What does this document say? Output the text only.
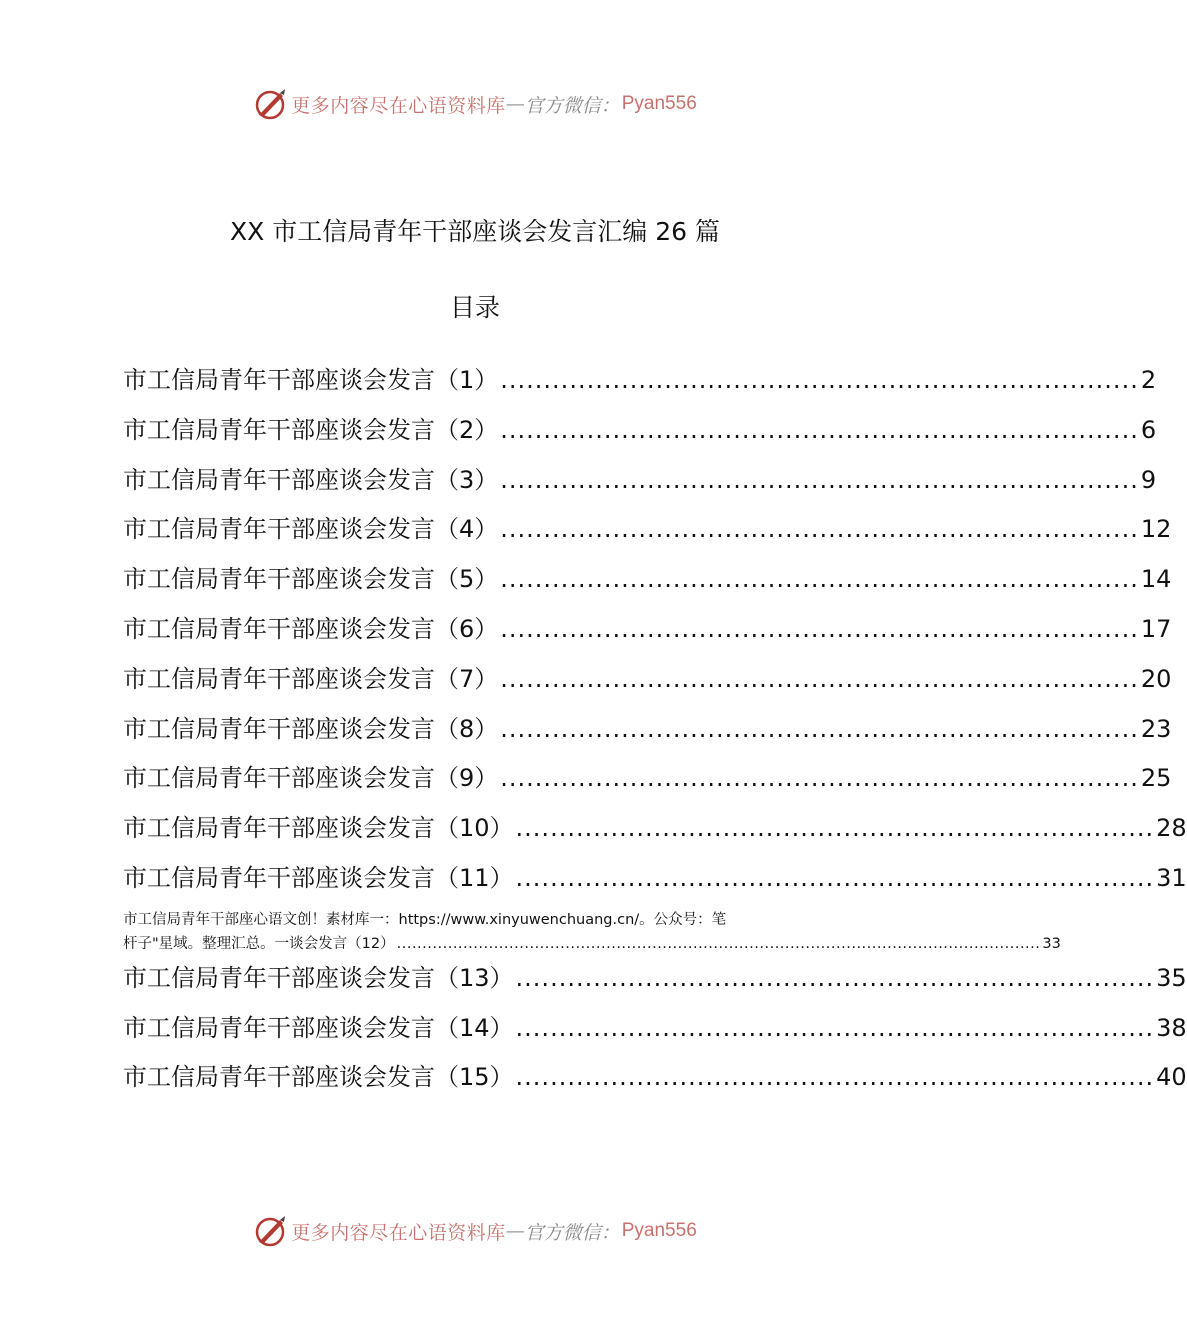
更多内容尽在心语资料库 — 官方微信： Pyan556
XX 市工信局青年干部座谈会发言汇编 26 篇
目录
市工信局青年干部座谈会发言（1） .......................................................................... 2
市工信局青年干部座谈会发言（2） .......................................................................... 6
市工信局青年干部座谈会发言（3） .......................................................................... 9
市工信局青年干部座谈会发言（4） .......................................................................... 12
市工信局青年干部座谈会发言（5） .......................................................................... 14
市工信局青年干部座谈会发言（6） .......................................................................... 17
市工信局青年干部座谈会发言（7） .......................................................................... 20
市工信局青年干部座谈会发言（8） .......................................................................... 23
市工信局青年干部座谈会发言（9） .......................................................................... 25
市工信局青年干部座谈会发言（10） .......................................................................... 28
市工信局青年干部座谈会发言（11） .......................................................................... 31
市工信局青年干部座心语文创！素材库一：https://www.xinyuwenchuang.cn/。公众号：笔
杆子"星域。整理汇总。一谈会发言（12） .............................................................................................................................. 33
市工信局青年干部座谈会发言（13） .......................................................................... 35
市工信局青年干部座谈会发言（14） .......................................................................... 38
市工信局青年干部座谈会发言（15） .......................................................................... 40
更多内容尽在心语资料库 — 官方微信： Pyan556
